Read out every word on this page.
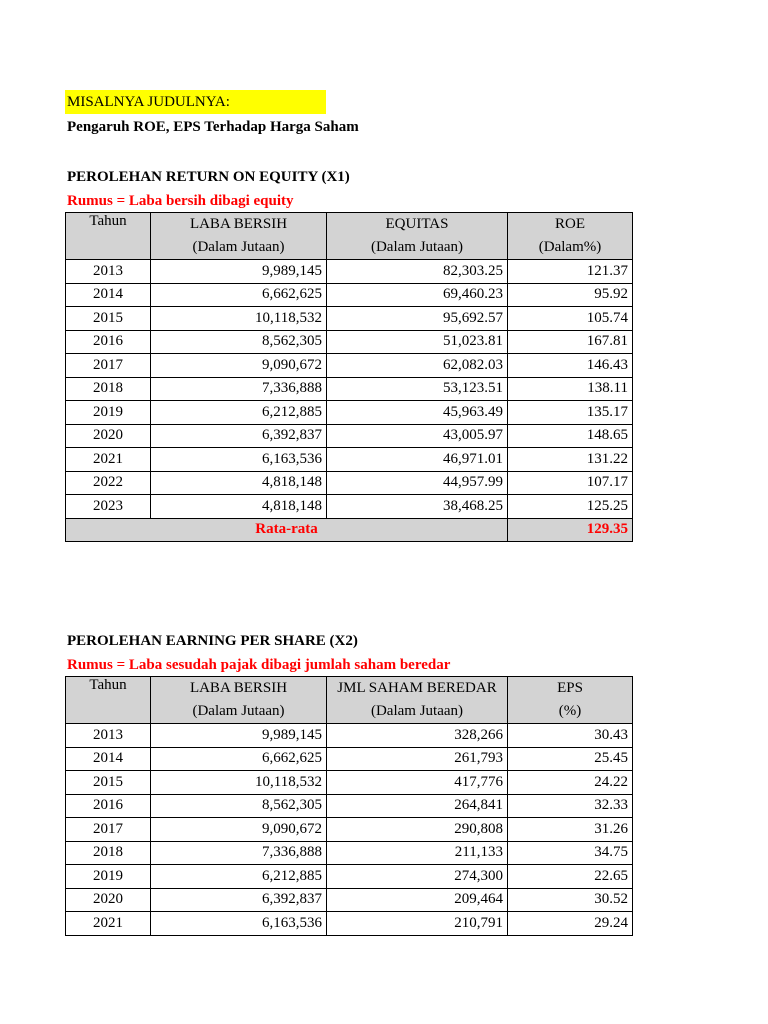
MISALNYA JUDULNYA:
Pengaruh ROE, EPS Terhadap Harga Saham
PEROLEHAN RETURN ON EQUITY (X1)
Rumus = Laba bersih dibagi equity
Tahun	LABA BERSIH	EQUITAS	ROE
	(Dalam Jutaan)	(Dalam Jutaan)	(Dalam%)
2013	9,989,145	82,303.25	121.37
2014	6,662,625	69,460.23	95.92
2015	10,118,532	95,692.57	105.74
2016	8,562,305	51,023.81	167.81
2017	9,090,672	62,082.03	146.43
2018	7,336,888	53,123.51	138.11
2019	6,212,885	45,963.49	135.17
2020	6,392,837	43,005.97	148.65
2021	6,163,536	46,971.01	131.22
2022	4,818,148	44,957.99	107.17
2023	4,818,148	38,468.25	125.25
Rata-rata			129.35
PEROLEHAN EARNING PER SHARE (X2)
Rumus = Laba sesudah pajak dibagi jumlah saham beredar
Tahun	LABA BERSIH	JML SAHAM BEREDAR	EPS
	(Dalam Jutaan)	(Dalam Jutaan)	(%)
2013	9,989,145	328,266	30.43
2014	6,662,625	261,793	25.45
2015	10,118,532	417,776	24.22
2016	8,562,305	264,841	32.33
2017	9,090,672	290,808	31.26
2018	7,336,888	211,133	34.75
2019	6,212,885	274,300	22.65
2020	6,392,837	209,464	30.52
2021	6,163,536	210,791	29.24
